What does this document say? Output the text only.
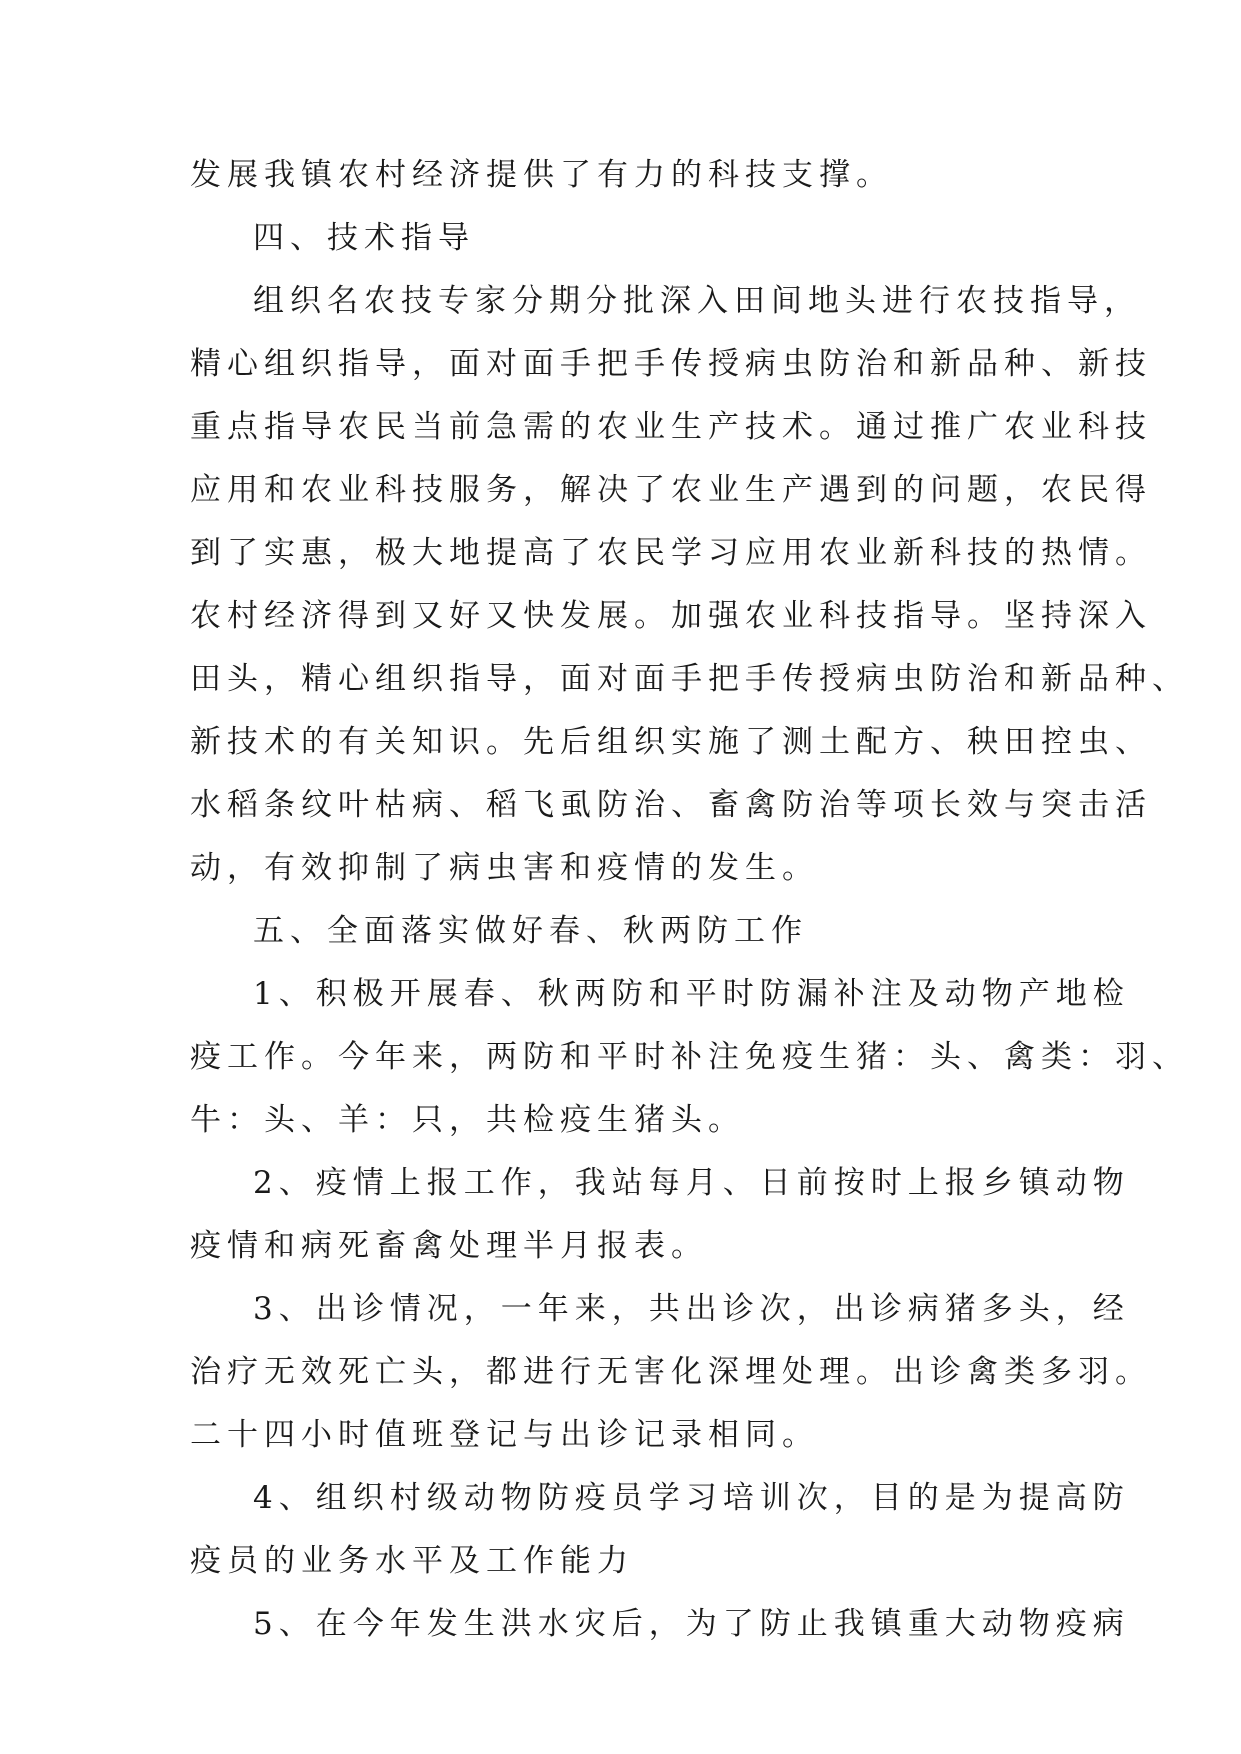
发展我镇农村经济提供了有力的科技支撑。
四、技术指导
组织名农技专家分期分批深入田间地头进行农技指导，
精心组织指导，面对面手把手传授病虫防治和新品种、新技
重点指导农民当前急需的农业生产技术。通过推广农业科技
应用和农业科技服务，解决了农业生产遇到的问题，农民得
到了实惠，极大地提高了农民学习应用农业新科技的热情。
农村经济得到又好又快发展。加强农业科技指导。坚持深入
田头，精心组织指导，面对面手把手传授病虫防治和新品种、
新技术的有关知识。先后组织实施了测土配方、秧田控虫、
水稻条纹叶枯病、稻飞虱防治、畜禽防治等项长效与突击活
动，有效抑制了病虫害和疫情的发生。
五、全面落实做好春、秋两防工作
1、积极开展春、秋两防和平时防漏补注及动物产地检
疫工作。今年来，两防和平时补注免疫生猪：头、禽类：羽、
牛：头、羊：只，共检疫生猪头。
2、疫情上报工作，我站每月、日前按时上报乡镇动物
疫情和病死畜禽处理半月报表。
3、出诊情况，一年来，共出诊次，出诊病猪多头，经
治疗无效死亡头，都进行无害化深埋处理。出诊禽类多羽。
二十四小时值班登记与出诊记录相同。
4、组织村级动物防疫员学习培训次，目的是为提高防
疫员的业务水平及工作能力
5、在今年发生洪水灾后，为了防止我镇重大动物疫病
